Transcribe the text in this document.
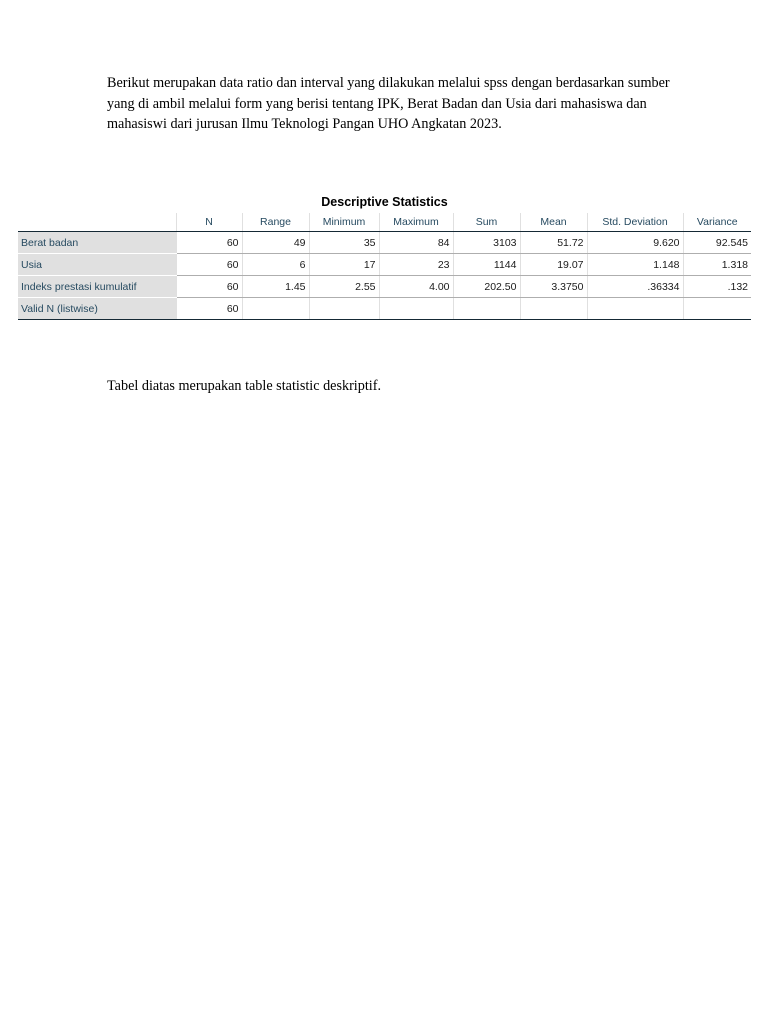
Berikut merupakan data ratio dan interval yang dilakukan melalui spss dengan berdasarkan sumber
yang di ambil melalui form yang berisi tentang IPK, Berat Badan dan Usia dari mahasiswa dan
mahasiswi dari jurusan Ilmu Teknologi Pangan UHO Angkatan 2023.

Descriptive Statistics
	N	Range	Minimum	Maximum	Sum	Mean	Std. Deviation	Variance
Berat badan	60	49	35	84	3103	51.72	9.620	92.545
Usia	60	6	17	23	1144	19.07	1.148	1.318
Indeks prestasi kumulatif	60	1.45	2.55	4.00	202.50	3.3750	.36334	.132
Valid N (listwise)	60							

Tabel diatas merupakan table statistic deskriptif.
